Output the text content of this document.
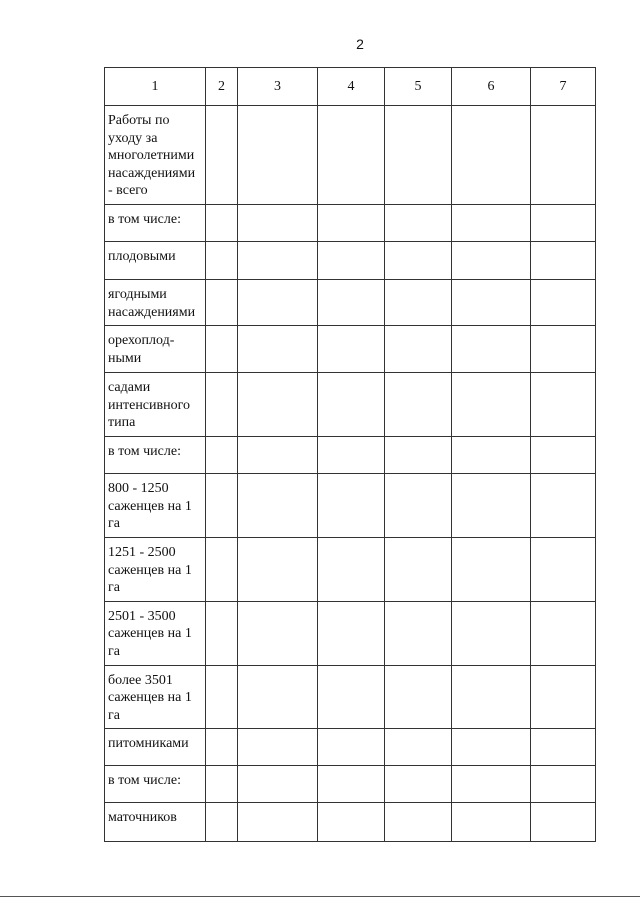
2
1	2	3	4	5	6	7
Работы по уходу за многолетними насаждениями - всего						
в том числе:						
плодовыми						
ягодными насаждениями						
орехоплод-ными						
садами интенсивного типа						
в том числе:						
800 - 1250 саженцев на 1 га						
1251 - 2500 саженцев на 1 га						
2501 - 3500 саженцев на 1 га						
более 3501 саженцев на 1 га						
питомниками						
в том числе:						
маточников						
